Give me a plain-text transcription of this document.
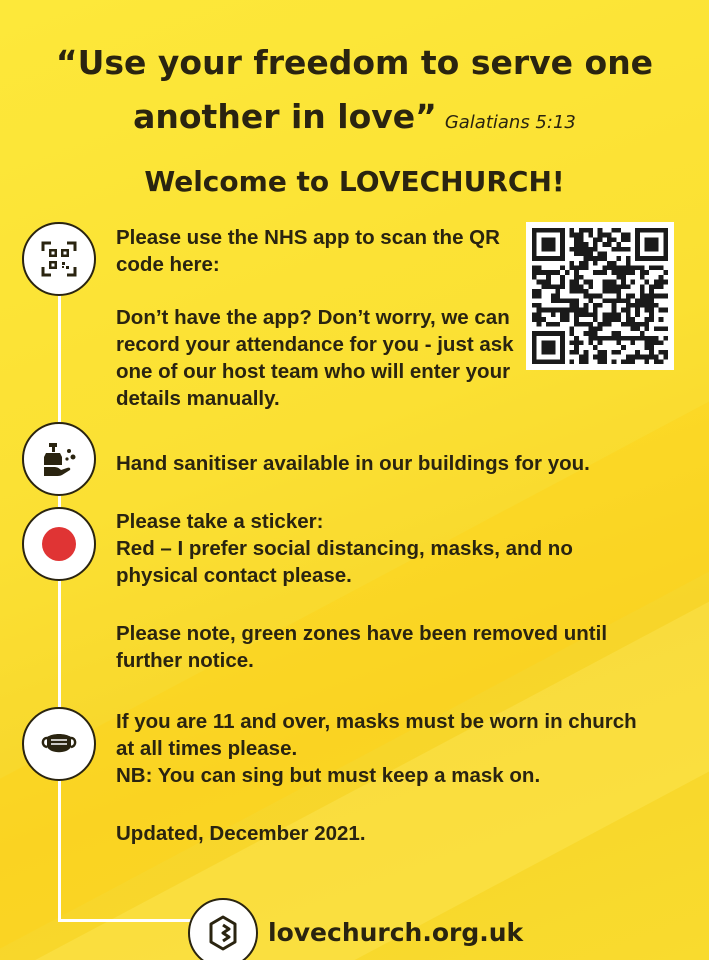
“Use your freedom to serve one
another in love” Galatians 5:13
Welcome to LOVECHURCH!
Please use the NHS app to scan the QR code here:
Don’t have the app? Don’t worry, we can record your attendance for you - just ask one of our host team who will enter your details manually.
Hand sanitiser available in our buildings for you.
Please take a sticker:
Red – I prefer social distancing, masks, and no physical contact please.
Please note, green zones have been removed until further notice.
If you are 11 and over, masks must be worn in church at all times please.
NB: You can sing but must keep a mask on.
Updated, December 2021.
lovechurch.org.uk
